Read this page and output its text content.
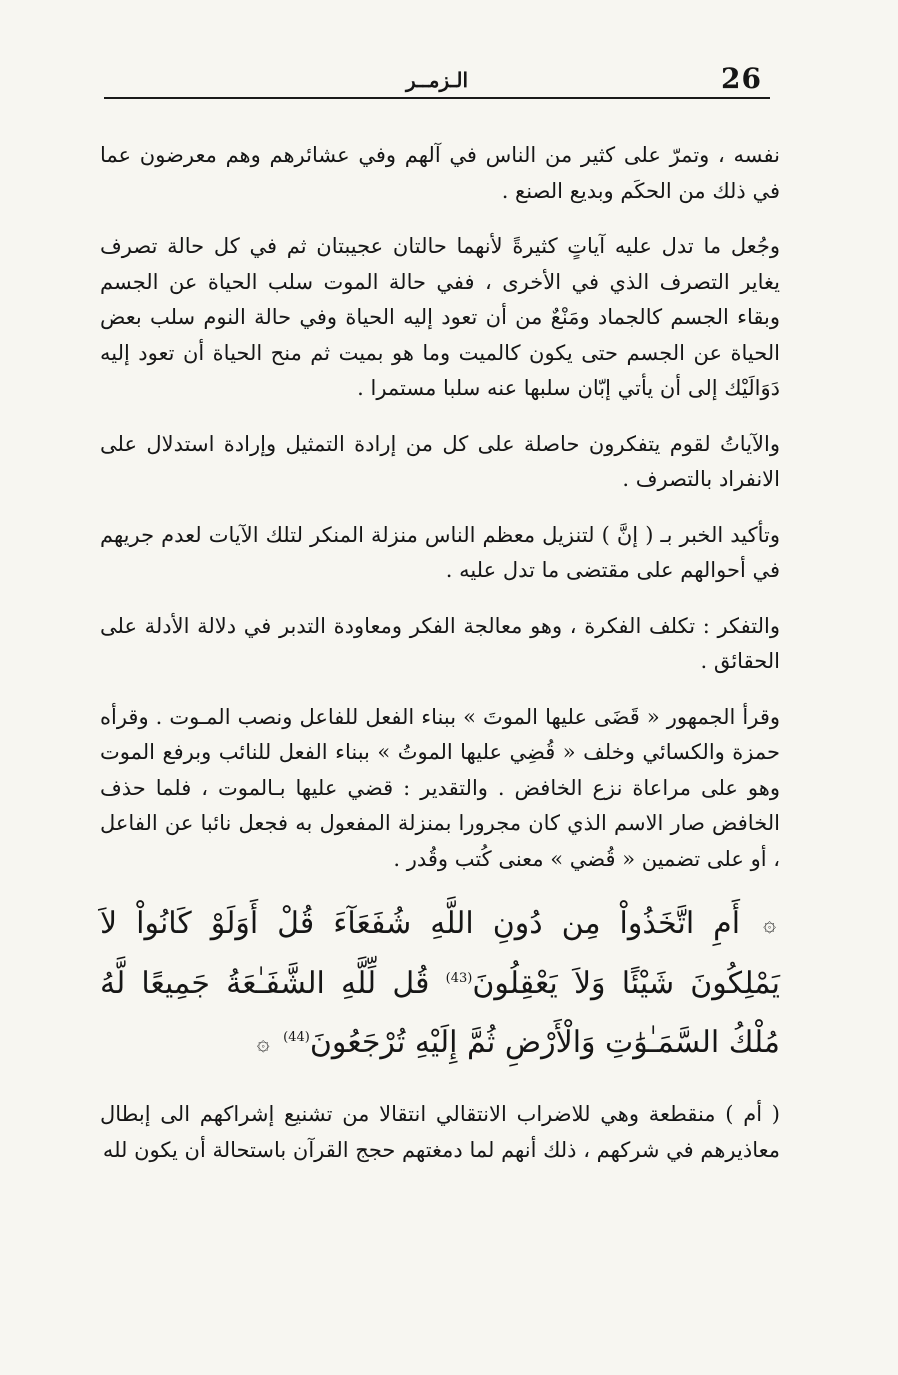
26
الـزمــر

نفسه ، وتمرّ على كثير من الناس في آلهم وفي عشائرهم وهم معرضون عما في ذلك من الحكَم وبديع الصنع .

وجُعل ما تدل عليه آياتٍ كثيرةً لأنهما حالتان عجيبتان ثم في كل حالة تصرف يغاير التصرف الذي في الأخرى ، ففي حالة الموت سلب الحياة عن الجسم وبقاء الجسم كالجماد ومَنْعٌ من أن تعود إليه الحياة وفي حالة النوم سلب بعض الحياة عن الجسم حتى يكون كالميت وما هو بميت ثم منح الحياة أن تعود إليه دَوَالَيْك إلى أن يأتي إبّان سلبها عنه سلبا مستمرا .

والآياتُ لقوم يتفكرون حاصلة على كل من إرادة التمثيل وإرادة استدلال على الانفراد بالتصرف .

وتأكيد الخبر بـ ( إنَّ ) لتنزيل معظم الناس منزلة المنكر لتلك الآيات لعدم جريهم في أحوالهم على مقتضى ما تدل عليه .

والتفكر : تكلف الفكرة ، وهو معالجة الفكر ومعاودة التدبر في دلالة الأدلة على الحقائق .

وقرأ الجمهور « قَضَى عليها الموتَ » ببناء الفعل للفاعل ونصب المـوت . وقرأه حمزة والكسائي وخلف « قُضِي عليها الموتُ » ببناء الفعل للنائب وبرفع الموت وهو على مراعاة نزع الخافض . والتقدير : قضي عليها بـالموت ، فلما حذف الخافض صار الاسم الذي كان مجرورا بمنزلة المفعول به فجعل نائبا عن الفاعل ، أو على تضمين « قُضي » معنى كُتب وقُدر .

۞ أَمِ اتَّخَذُواْ مِن دُونِ اللَّهِ شُفَعَآءَ قُلْ أَوَلَوْ كَانُواْ لاَ يَمْلِكُونَ شَيْئًا وَلاَ يَعْقِلُونَ$^{(43)}$ قُل لِّلَّهِ الشَّفَـٰعَةُ جَمِيعًا لَّهُ مُلْكُ السَّمَـٰوَٰتِ وَالْأَرْضِ ثُمَّ إِلَيْهِ تُرْجَعُونَ$^{(44)}$ ۞

( أم ) منقطعة وهي للاضراب الانتقالي انتقالا من تشنيع إشراكهم الى إبطال معاذيرهم في شركهم ، ذلك أنهم لما دمغتهم حجج القرآن باستحالة أن يكون لله
